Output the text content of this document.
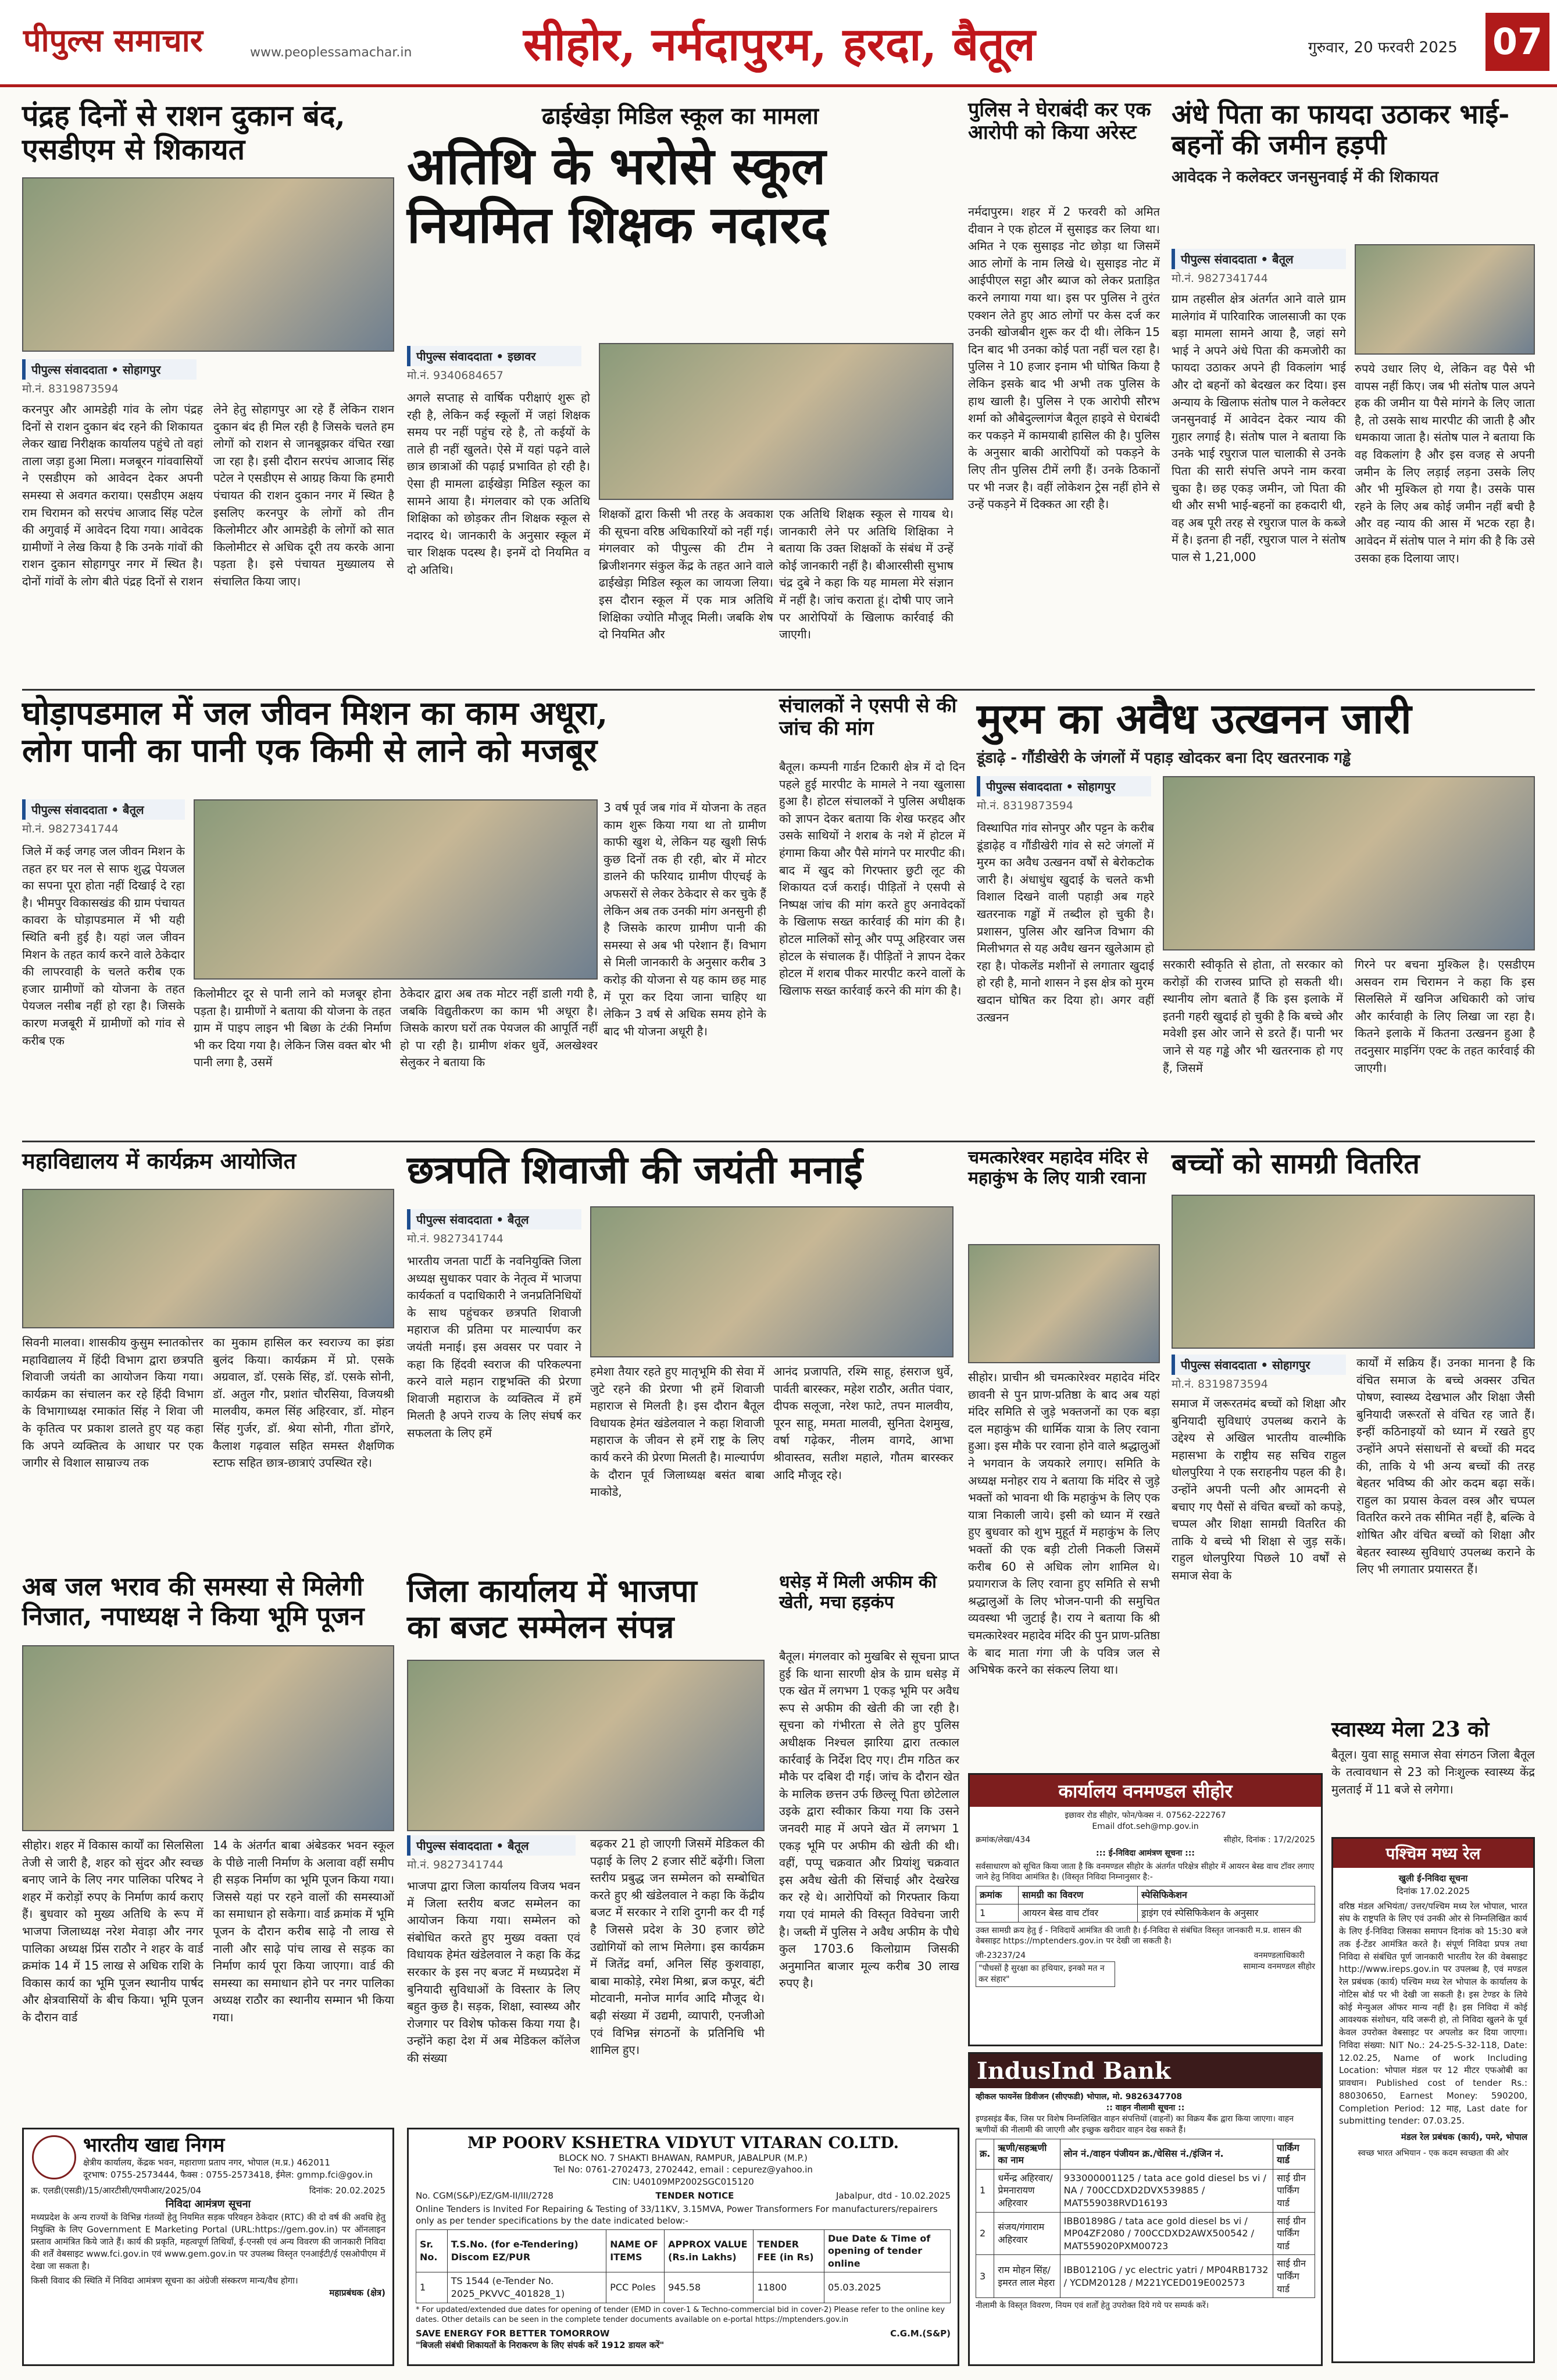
पीपुल्स समाचार	www.peoplessamachar.in सीहोर, नर्मदापुरम, हरदा, बैतूल	गुरुवार, 20 फरवरी 2025 07
पंद्रह दिनों से राशन दुकान बंद, एसडीएम से शिकायत
पीपुल्स संवाददाता • सोहागपुर
मो.नं. 8319873594
करनपुर और आमडेही गांव के लोग पंद्रह दिनों से राशन दुकान बंद रहने की शिकायत लेकर खाद्य निरीक्षक कार्यालय पहुंचे तो वहां ताला जड़ा हुआ मिला। मजबूरन गांववासियों ने एसडीएम को आवेदन देकर अपनी समस्या से अवगत कराया। एसडीएम अक्षय राम चिरामन को सरपंच आजाद सिंह पटेल की अगुवाई में आवेदन दिया गया। आवेदक ग्रामीणों ने लेख किया है कि उनके गांवों की राशन दुकान सोहागपुर नगर में स्थित है। दोनों गांवों के लोग बीते पंद्रह दिनों से राशन लेने हेतु सोहागपुर आ रहे हैं लेकिन राशन दुकान बंद ही मिल रही है जिसके चलते हम लोगों को राशन से जानबूझकर वंचित रखा जा रहा है। इसी दौरान सरपंच आजाद सिंह पटेल ने एसडीएम से आग्रह किया कि हमारी पंचायत की राशन दुकान नगर में स्थित है इसलिए करनपुर के लोगों को तीन किलोमीटर और आमडेही के लोगों को सात किलोमीटर से अधिक दूरी तय करके आना पड़ता है। इसे पंचायत मुख्यालय से संचालित किया जाए।
ढाईखेड़ा मिडिल स्कूल का मामला
अतिथि के भरोसे स्कूल
नियमित शिक्षक नदारद
पीपुल्स संवाददाता • इछावर
मो.नं. 9340684657
अगले सप्ताह से वार्षिक परीक्षाएं शुरू हो रही है, लेकिन कई स्कूलों में जहां शिक्षक समय पर नहीं पहुंच रहे है, तो कईयों के ताले ही नहीं खुलते। ऐसे में यहां पढ़ने वाले छात्र छात्राओं की पढ़ाई प्रभावित हो रही है। ऐसा ही मामला ढाईखेड़ा मिडिल स्कूल का सामने आया है। मंगलवार को एक अतिथि शिक्षिका को छोड़कर तीन शिक्षक स्कूल से नदारद थे। जानकारी के अनुसार स्कूल में चार शिक्षक पदस्थ है। इनमें दो नियमित व दो अतिथि।
शिक्षकों द्वारा किसी भी तरह के अवकाश की सूचना वरिष्ठ अधिकारियों को नहीं गई। मंगलवार को पीपुल्स की टीम ने ब्रिजीशनगर संकुल केंद्र के तहत आने वाले ढाईखेड़ा मिडिल स्कूल का जायजा लिया। इस दौरान स्कूल में एक मात्र अतिथि शिक्षिका ज्योति मौजूद मिली। जबकि शेष दो नियमित और
एक अतिथि शिक्षक स्कूल से गायब थे। जानकारी लेने पर अतिथि शिक्षिका ने बताया कि उक्त शिक्षकों के संबंध में उन्हें कोई जानकारी नहीं है। बीआरसीसी सुभाष चंद्र दुबे ने कहा कि यह मामला मेरे संज्ञान में नहीं है। जांच कराता हूं। दोषी पाए जाने पर आरोपियों के खिलाफ कार्रवाई की जाएगी।
पुलिस ने घेराबंदी कर एक आरोपी को किया अरेस्ट
नर्मदापुरम। शहर में 2 फरवरी को अमित दीवान ने एक होटल में सुसाइड कर लिया था। अमित ने एक सुसाइड नोट छोड़ा था जिसमें आठ लोगों के नाम लिखे थे। सुसाइड नोट में आईपीएल सट्टा और ब्याज को लेकर प्रताड़ित करने लगाया गया था। इस पर पुलिस ने तुरंत एक्शन लेते हुए आठ लोगों पर केस दर्ज कर उनकी खोजबीन शुरू कर दी थी। लेकिन 15 दिन बाद भी उनका कोई पता नहीं चल रहा है। पुलिस ने 10 हजार इनाम भी घोषित किया है लेकिन इसके बाद भी अभी तक पुलिस के हाथ खाली है। पुलिस ने एक आरोपी सौरभ शर्मा को औबेदुल्लागंज बैतूल हाइवे से घेराबंदी कर पकड़ने में कामयाबी हासिल की है। पुलिस के अनुसार बाकी आरोपियों को पकड़ने के लिए तीन पुलिस टीमें लगी हैं। उनके ठिकानों पर भी नजर है। वहीं लोकेशन ट्रेस नहीं होने से उन्हें पकड़ने में दिक्कत आ रही है।
अंधे पिता का फायदा उठाकर भाई-बहनों की जमीन हड़पी
आवेदक ने कलेक्टर जनसुनवाई में की शिकायत
पीपुल्स संवाददाता • बैतूल
मो.नं. 9827341744
ग्राम तहसील क्षेत्र अंतर्गत आने वाले ग्राम मालेगांव में पारिवारिक जालसाजी का एक बड़ा मामला सामने आया है, जहां सगे भाई ने अपने अंधे पिता की कमजोरी का फायदा उठाकर अपने ही विकलांग भाई और दो बहनों को बेदखल कर दिया। इस अन्याय के खिलाफ संतोष पाल ने कलेक्टर जनसुनवाई में आवेदन देकर न्याय की गुहार लगाई है। संतोष पाल ने बताया कि उनके भाई रघुराज पाल चालाकी से उनके पिता की सारी संपत्ति अपने नाम करवा चुका है। छह एकड़ जमीन, जो पिता की थी और सभी भाई-बहनों का हकदारी थी, वह अब पूरी तरह से रघुराज पाल के कब्जे में है। इतना ही नहीं, रघुराज पाल ने संतोष पाल से 1,21,000
रुपये उधार लिए थे, लेकिन वह पैसे भी वापस नहीं किए। जब भी संतोष पाल अपने हक की जमीन या पैसे मांगने के लिए जाता है, तो उसके साथ मारपीट की जाती है और धमकाया जाता है। संतोष पाल ने बताया कि वह विकलांग है और इस वजह से अपनी जमीन के लिए लड़ाई लड़ना उसके लिए और भी मुश्किल हो गया है। उसके पास रहने के लिए अब कोई जमीन नहीं बची है और वह न्याय की आस में भटक रहा है। आवेदन में संतोष पाल ने मांग की है कि उसे उसका हक दिलाया जाए।
घोड़ापडमाल में जल जीवन मिशन का काम अधूरा,
लोग पानी का पानी एक किमी से लाने को मजबूर
पीपुल्स संवाददाता • बैतूल
मो.नं. 9827341744
जिले में कई जगह जल जीवन मिशन के तहत हर घर नल से साफ शुद्ध पेयजल का सपना पूरा होता नहीं दिखाई दे रहा है। भीमपुर विकासखंड की ग्राम पंचायत कावरा के घोड़ापडमाल में भी यही स्थिति बनी हुई है। यहां जल जीवन मिशन के तहत कार्य करने वाले ठेकेदार की लापरवाही के चलते करीब एक हजार ग्रामीणों को योजना के तहत पेयजल नसीब नहीं हो रहा है। जिसके कारण मजबूरी में ग्रामीणों को गांव से करीब एक
किलोमीटर दूर से पानी लाने को मजबूर होना पड़ता है। ग्रामीणों ने बताया की योजना के तहत ग्राम में पाइप लाइन भी बिछा के टंकी निर्माण भी कर दिया गया है। लेकिन जिस वक्त बोर भी पानी लगा है, उसमें
ठेकेदार द्वारा अब तक मोटर नहीं डाली गयी है, जबकि विद्युतीकरण का काम भी अधूरा है। जिसके कारण घरों तक पेयजल की आपूर्ति नहीं हो पा रही है। ग्रामीण शंकर धुर्वे, अलखेश्वर सेलुकर ने बताया कि
3 वर्ष पूर्व जब गांव में योजना के तहत काम शुरू किया गया था तो ग्रामीण काफी खुश थे, लेकिन यह खुशी सिर्फ कुछ दिनों तक ही रही, बोर में मोटर डालने की फरियाद ग्रामीण पीएचई के अफसरों से लेकर ठेकेदार से कर चुके हैं लेकिन अब तक उनकी मांग अनसुनी ही है जिसके कारण ग्रामीण पानी की समस्या से अब भी परेशान हैं। विभाग से मिली जानकारी के अनुसार करीब 3 करोड़ की योजना से यह काम छह माह में पूरा कर दिया जाना चाहिए था लेकिन 3 वर्ष से अधिक समय होने के बाद भी योजना अधूरी है।
संचालकों ने एसपी से की जांच की मांग
बैतूल। कम्पनी गार्डन टिकारी क्षेत्र में दो दिन पहले हुई मारपीट के मामले ने नया खुलासा हुआ है। होटल संचालकों ने पुलिस अधीक्षक को ज्ञापन देकर बताया कि शेख फरहद और उसके साथियों ने शराब के नशे में होटल में हंगामा किया और पैसे मांगने पर मारपीट की। बाद में खुद को गिरफ्तार छुटी लूट की शिकायत दर्ज कराई। पीड़ितों ने एसपी से निष्पक्ष जांच की मांग करते हुए अनावेदकों के खिलाफ सख्त कार्रवाई की मांग की है। होटल मालिकों सोनू और पप्पू अहिरवार जस होटल के संचालक हैं। पीड़ितों ने ज्ञापन देकर होटल में शराब पीकर मारपीट करने वालों के खिलाफ सख्त कार्रवाई करने की मांग की है।
मुरम का अवैध उत्खनन जारी
डूंडाढ़े - गौंडीखेरी के जंगलों में पहाड़ खोदकर बना दिए खतरनाक गड्ढे
पीपुल्स संवाददाता • सोहागपुर
मो.नं. 8319873594
विस्थापित गांव सोनपुर और पट्टन के करीब डूंडाढ़ेह व गौंडीखेरी गांव से सटे जंगलों में मुरम का अवैध उत्खनन वर्षों से बेरोकटोक जारी है। अंधाधुंध खुदाई के चलते कभी विशाल दिखने वाली पहाड़ी अब गहरे खतरनाक गड्ढों में तब्दील हो चुकी है। प्रशासन, पुलिस और खनिज विभाग की मिलीभगत से यह अवैध खनन खुलेआम हो रहा है। पोकलेंड मशीनों से लगातार खुदाई हो रही है, मानो शासन ने इस क्षेत्र को मुरम खदान घोषित कर दिया हो। अगर वहीं उत्खनन
सरकारी स्वीकृति से होता, तो सरकार को करोड़ों की राजस्व प्राप्ति हो सकती थी। स्थानीय लोग बताते हैं कि इस इलाके में इतनी गहरी खुदाई हो चुकी है कि बच्चे और मवेशी इस ओर जाने से डरते हैं। पानी भर जाने से यह गड्ढे और भी खतरनाक हो गए हैं, जिसमें
गिरने पर बचना मुश्किल है। एसडीएम असवन राम चिरामन ने कहा कि इस सिलसिले में खनिज अधिकारी को जांच और कार्रवाही के लिए लिखा जा रहा है। कितने इलाके में कितना उत्खनन हुआ है तदनुसार माइनिंग एक्ट के तहत कार्रवाई की जाएगी।
महाविद्यालय में कार्यक्रम आयोजित
सिवनी मालवा। शासकीय कुसुम स्नातकोत्तर महाविद्यालय में हिंदी विभाग द्वारा छत्रपति शिवाजी जयंती का आयोजन किया गया। कार्यक्रम का संचालन कर रहे हिंदी विभाग के विभागाध्यक्ष रमाकांत सिंह ने शिवा जी के कृतित्व पर प्रकाश डालते हुए यह कहा कि अपने व्यक्तित्व के आधार पर एक जागीर से विशाल साम्राज्य तक
का मुकाम हासिल कर स्वराज्य का झंडा बुलंद किया। कार्यक्रम में प्रो. एसके अग्रवाल, डॉ. एसके सिंह, डॉ. एसके सोनी, डॉ. अतुल गौर, प्रशांत चौरसिया, विजयश्री मालवीय, कमल सिंह अहिरवार, डॉ. मोहन सिंह गुर्जर, डॉ. श्रेया सोनी, गीता डोंगरे, कैलाश गढ़वाल सहित समस्त शैक्षणिक स्टाफ सहित छात्र-छात्राएं उपस्थित रहे।
छत्रपति शिवाजी की जयंती मनाई
पीपुल्स संवाददाता • बैतूल
मो.नं. 9827341744
भारतीय जनता पार्टी के नवनियुक्ति जिला अध्यक्ष सुधाकर पवार के नेतृत्व में भाजपा कार्यकर्ता व पदाधिकारी ने जनप्रतिनिधियों के साथ पहुंचकर छत्रपति शिवाजी महाराज की प्रतिमा पर माल्यार्पण कर जयंती मनाई। इस अवसर पर पवार ने कहा कि हिंदवी स्वराज की परिकल्पना करने वाले महान राष्ट्रभक्ति की प्रेरणा शिवाजी महाराज के व्यक्तित्व में हमें मिलती है अपने राज्य के लिए संघर्ष कर सफलता के लिए हमें
हमेशा तैयार रहते हुए मातृभूमि की सेवा में जुटे रहने की प्रेरणा भी हमें शिवाजी महाराज से मिलती है। इस दौरान बैतूल विधायक हेमंत खंडेलवाल ने कहा शिवाजी महाराज के जीवन से हमें राष्ट्र के लिए कार्य करने की प्रेरणा मिलती है। माल्यार्पण के दौरान पूर्व जिलाध्यक्ष बसंत बाबा माकोडे,
आनंद प्रजापति, रश्मि साहू, हंसराज धुर्वे, पार्वती बारस्कर, महेश राठौर, अतीत पंवार, दीपक सलूजा, नरेश फाटे, तपन मालवीय, पूरन साहू, ममता मालवी, सुनिता देशमुख, वर्षा गढ़ेकर, नीलम वागदे, आभा श्रीवास्तव, सतीश महाले, गौतम बारस्कर आदि मौजूद रहे।
चमत्कारेश्वर महादेव मंदिर से महाकुंभ के लिए यात्री रवाना
सीहोर। प्राचीन श्री चमत्कारेश्वर महादेव मंदिर छावनी से पुन प्राण-प्रतिष्ठा के बाद अब यहां मंदिर समिति से जुड़े भक्तजनों का एक बड़ा दल महाकुंभ की धार्मिक यात्रा के लिए रवाना हुआ। इस मौके पर रवाना होने वाले श्रद्धालुओं ने भगवान के जयकारे लगाए। समिति के अध्यक्ष मनोहर राय ने बताया कि मंदिर से जुड़े भक्तों को भावना थी कि महाकुंभ के लिए एक यात्रा निकाली जाये। इसी को ध्यान में रखते हुए बुधवार को शुभ मुहूर्त में महाकुंभ के लिए भक्तों की एक बड़ी टोली निकली जिसमें करीब 60 से अधिक लोग शामिल थे। प्रयागराज के लिए रवाना हुए समिति से सभी श्रद्धालुओं के लिए भोजन-पानी की समुचित व्यवस्था भी जुटाई है। राय ने बताया कि श्री चमत्कारेश्वर महादेव मंदिर की पुन प्राण-प्रतिष्ठा के बाद माता गंगा जी के पवित्र जल से अभिषेक करने का संकल्प लिया था।
बच्चों को सामग्री वितरित
पीपुल्स संवाददाता • सोहागपुर
मो.नं. 8319873594
समाज में जरूरतमंद बच्चों को शिक्षा और बुनियादी सुविधाएं उपलब्ध कराने के उद्देश्य से अखिल भारतीय वाल्मीकि महासभा के राष्ट्रीय सह सचिव राहुल धोलपुरिया ने एक सराहनीय पहल की है। उन्होंने अपनी पत्नी और आमदनी से बचाए गए पैसों से वंचित बच्चों को कपड़े, चप्पल और शिक्षा सामग्री वितरित की ताकि ये बच्चे भी शिक्षा से जुड़ सकें। राहुल धोलपुरिया पिछले 10 वर्षों से समाज सेवा के
कार्यों में सक्रिय हैं। उनका मानना है कि वंचित समाज के बच्चे अक्सर उचित पोषण, स्वास्थ्य देखभाल और शिक्षा जैसी बुनियादी जरूरतों से वंचित रह जाते हैं। इन्हीं कठिनाइयों को ध्यान में रखते हुए उन्होंने अपने संसाधनों से बच्चों की मदद की, ताकि ये भी अन्य बच्चों की तरह बेहतर भविष्य की ओर कदम बढ़ा सकें। राहुल का प्रयास केवल वस्त्र और चप्पल वितरित करने तक सीमित नहीं है, बल्कि वे शोषित और वंचित बच्चों को शिक्षा और बेहतर स्वास्थ्य सुविधाएं उपलब्ध कराने के लिए भी लगातार प्रयासरत हैं।
अब जल भराव की समस्या से मिलेगी निजात, नपाध्यक्ष ने किया भूमि पूजन
सीहोर। शहर में विकास कार्यों का सिलसिला तेजी से जारी है, शहर को सुंदर और स्वच्छ बनाए जाने के लिए नगर पालिका परिषद ने शहर में करोड़ों रुपए के निर्माण कार्य कराए हैं। बुधवार को मुख्य अतिथि के रूप में भाजपा जिलाध्यक्ष नरेश मेवाड़ा और नगर पालिका अध्यक्ष प्रिंस राठौर ने शहर के वार्ड क्रमांक 14 में 15 लाख से अधिक राशि के विकास कार्य का भूमि पूजन स्थानीय पार्षद और क्षेत्रवासियों के बीच किया। भूमि पूजन के दौरान वार्ड
14 के अंतर्गत बाबा अंबेडकर भवन स्कूल के पीछे नाली निर्माण के अलावा वहीं समीप ही सड़क निर्माण का भूमि पूजन किया गया। जिससे यहां पर रहने वालों की समस्याओं का समाधान हो सकेगा। वार्ड क्रमांक में भूमि पूजन के दौरान करीब साढ़े नौ लाख से नाली और साढ़े पांच लाख से सड़क का निर्माण कार्य पूरा किया जाएगा। वार्ड की समस्या का समाधान होने पर नगर पालिका अध्यक्ष राठौर का स्थानीय सम्मान भी किया गया।
जिला कार्यालय में भाजपा
का बजट सम्मेलन संपन्न
पीपुल्स संवाददाता • बैतूल
मो.नं. 9827341744
भाजपा द्वारा जिला कार्यालय विजय भवन में जिला स्तरीय बजट सम्मेलन का आयोजन किया गया। सम्मेलन को संबोधित करते हुए मुख्य वक्ता एवं विधायक हेमंत खंडेलवाल ने कहा कि केंद्र सरकार के इस नए बजट में मध्यप्रदेश में बुनियादी सुविधाओं के विस्तार के लिए बहुत कुछ है। सड़क, शिक्षा, स्वास्थ्य और रोजगार पर विशेष फोकस किया गया है। उन्होंने कहा देश में अब मेडिकल कॉलेज की संख्या
बढ़कर 21 हो जाएगी जिसमें मेडिकल की पढ़ाई के लिए 2 हजार सीटें बढ़ेंगी। जिला स्तरीय प्रबुद्ध जन सम्मेलन को सम्बोधित करते हुए श्री खंडेलवाल ने कहा कि केंद्रीय बजट में सरकार ने राशि दुगनी कर दी गई है जिससे प्रदेश के 30 हजार छोटे उद्योगियों को लाभ मिलेगा। इस कार्यक्रम में जितेंद्र वर्मा, अनिल सिंह कुशवाहा, बाबा माकोड़े, रमेश मिश्रा, ब्रज कपूर, बंटी मोटवानी, मनोज मार्गव आदि मौजूद थे। बढ़ी संख्या में उद्यमी, व्यापारी, एनजीओ एवं विभिन्न संगठनों के प्रतिनिधि भी शामिल हुए।
धसेड़ में मिली अफीम की खेती, मचा हड़कंप
बैतूल। मंगलवार को मुखबिर से सूचना प्राप्त हुई कि थाना सारणी क्षेत्र के ग्राम धसेड़ में एक खेत में लगभग 1 एकड़ भूमि पर अवैध रूप से अफीम की खेती की जा रही है। सूचना को गंभीरता से लेते हुए पुलिस अधीक्षक निश्चल झारिया द्वारा तत्काल कार्रवाई के निर्देश दिए गए। टीम गठित कर मौके पर दबिश दी गई। जांच के दौरान खेत के मालिक छत्तन उर्फ छिल्लू पिता छोटेलाल उइके द्वारा स्वीकार किया गया कि उसने जनवरी माह में अपने खेत में लगभग 1 एकड़ भूमि पर अफीम की खेती की थी। वहीं, पप्पू चक्रवात और प्रियांशु चक्रवात इस अवैध खेती की सिंचाई और देखरेख कर रहे थे। आरोपियों को गिरफ्तार किया गया एवं मामले की विस्तृत विवेचना जारी है। जब्ती में पुलिस ने अवैध अफीम के पौधे कुल 1703.6 किलोग्राम जिसकी अनुमानित बाजार मूल्य करीब 30 लाख रुपए है।
कार्यालय वनमण्डल सीहोर
इछावर रोड सीहोर, फोन/फेक्स नं. 07562-222767
Email dfot.seh@mp.gov.in
क्रमांक/लेखा/434	सीहोर, दिनांक : 17/2/2025
::: ई-निविदा आमंत्रण सूचना :::
सर्वसाधारण को सूचित किया जाता है कि वनमण्डल सीहोर के अंतर्गत परिक्षेत्र सीहोर में आयरन बेस्ड वाच टॉवर लगाए जाने हेतु निविदा आमंत्रित है। (विस्तृत निविदा निम्नानुसार है:-
क्रमांक	सामग्री का विवरण	स्पेसिफिकेशन
1	आयरन बेस्ड वाच टॉवर	ड्राइंग एवं स्पेसिफिकेशन के अनुसार
उक्त सामग्री क्रय हेतु ई - निविदायें आमंत्रित की जाती है। ई-निविदा से संबंधित विस्तृत जानकारी म.प्र. शासन की वेबसाइट https://mptenders.gov.in पर देखी जा सकती है।
जी-23237/24
"पौधसों है सुरक्षा का हथियार, इनको मत न कर संहार"
वनमण्डलाधिकारी
सामान्य वनमण्डल सीहोर
स्वास्थ्य मेला 23 को
बैतूल। युवा साहू समाज सेवा संगठन जिला बैतूल के तत्वावधान से 23 को निःशुल्क स्वास्थ्य केंद्र मुलताई में 11 बजे से लगेगा।
पश्चिम मध्य रेल
खुली ई-निविदा सूचना
दिनांक 17.02.2025
वरिष्ठ मंडल अभियंता/ उत्तर/पश्चिम मध्य रेल भोपाल, भारत संघ के राष्ट्रपति के लिए एवं उनकी ओर से निम्नलिखित कार्य के लिए ई-निविदा जिसका समापन दिनांक को 15:30 बजे तक ई-टेंडर आमंत्रित करते है। संपूर्ण निविदा प्रपत्र तथा निविदा से संबंधित पूर्ण जानकारी भारतीय रेल की वेबसाइट http://www.ireps.gov.in पर उपलब्ध है, एवं मण्डल रेल प्रबंधक (कार्य) पश्चिम मध्य रेल भोपाल के कार्यालय के नोटिस बोर्ड पर भी देखी जा सकती है। इस टेण्डर के लिये कोई मेन्युअल ऑफर मान्य नहीं है। इस निविदा में कोई आवश्यक संशोधन, यदि जरूरी हो, तो निविदा खुलने के पूर्व केवल उपरोक्त वेबसाइट पर अपलोड कर दिया जाएगा। निविदा संख्या: NIT No.: 24-25-S-32-118, Date: 12.02.25, Name of work Including Location: भोपाल मंडल पर 12 मीटर एफओबी का प्रावधान। Published cost of tender Rs.: 88030650, Earnest Money: 590200, Completion Period: 12 माह, Last date for submitting tender: 07.03.25.
मंडल रेल प्रबंधक (कार्य), पमरे, भोपाल
स्वच्छ भारत अभियान - एक कदम स्वच्छता की ओर
भारतीय खाद्य निगम
क्षेत्रीय कार्यालय, केंद्रक भवन, महाराणा प्रताप नगर, भोपाल (म.प्र.) 462011
दूरभाष: 0755-2573444, फैक्स : 0755-2573418, ईमेल: gmmp.fci@gov.in
क्र. एलडी(एसडी)/15/आरटीसी/एमपीआर/2025/04	दिनांक: 20.02.2025
निविदा आमंत्रण सूचना
मध्यप्रदेश के अन्य राज्यों के विभिन्न गंतव्यों हेतु नियमित सड़क परिवहन ठेकेदार (RTC) की दो वर्ष की अवधि हेतु नियुक्ति के लिए Government E Marketing Portal (URL:https://gem.gov.in) पर ऑनलाइन प्रस्ताव आमंत्रित किये जाते हैं। कार्य की प्रकृति, महत्वपूर्ण तिथियाँ, ई-एनसी एवं अन्य विवरण की जानकारी निविदा की शर्तें वेबसाइट www.fci.gov.in एवं www.gem.gov.in पर उपलब्ध विस्तृत एनआईटी/ई एसओपीएम में देखा जा सकता है।
किसी विवाद की स्थिति में निविदा आमंत्रण सूचना का अंग्रेजी संस्करण मान्य/वैध होगा।
महाप्रबंधक (क्षेत्र)
MP POORV KSHETRA VIDYUT VITARAN CO.LTD.
BLOCK NO. 7 SHAKTI BHAWAN, RAMPUR, JABALPUR (M.P.)
Tel No: 0761-2702473, 2702442, email : cepurez@yahoo.in
CIN: U40109MP2002SGC015120
No. CGM(S&P)/EZ/GM-II/III/2728	TENDER NOTICE	Jabalpur, dtd - 10.02.2025
Online Tenders is Invited For Repairing & Testing of 33/11KV, 3.15MVA, Power Transformers For manufacturers/repairers only as per tender specifications by the date indicated below:-
Sr. No.	T.S.No. (for e-Tendering) Discom EZ/PUR	NAME OF ITEMS	APPROX VALUE (Rs.in Lakhs)	TENDER FEE (in Rs)	Due Date & Time of opening of tender online
1	TS 1544 (e-Tender No. 2025_PKVVC_401828_1)	PCC Poles	945.58	11800	05.03.2025
* For updated/extended due dates for opening of tender (EMD in cover-1 & Techno-commercial bid in cover-2) Please refer to the online key dates. Other details can be seen in the complete tender documents available on e-portal https://mptenders.gov.in
SAVE ENERGY FOR BETTER TOMORROW	C.G.M.(S&P)
"बिजली संबंधी शिकायतों के निराकरण के लिए संपर्क करें 1912 डायल करें"
IndusInd Bank
व्हीकल फायनेंस डिवीजन (सीएफडी) भोपाल, मो. 9826347708
:: वाहन नीलामी सूचना ::
इण्डसइंड बैंक, जिस पर विशेष निम्नलिखित वाहन संपत्तियों (वाहनों) का विक्रय बैंक द्वारा किया जाएगा। वाहन ऋणीयों की नीलामी की जाएगी और इच्छुक खरीदार वाहन देख सकते हैं।
क्र.	ऋणी/सहऋणी का नाम	लोन नं./वाहन पंजीयन क्र./चेसिस नं./इंजिन नं.	पार्किंग यार्ड
1	धर्मेन्द्र अहिरवार/प्रेमनारायण अहिरवार	933000001125 / tata ace gold diesel bs vi / NA / 700CCDXD2DVX539885 / MAT559038RVD16193	साई ग्रीन पार्किंग यार्ड
2	संजय/गंगाराम अहिरवार	IBB01898G / tata ace gold diesel bs vi / MP04ZF2080 / 700CCDXD2AWX500542 / MAT559020PXM00723	साई ग्रीन पार्किंग यार्ड
3	राम मोहन सिंह/इमरत लाल मेहरा	IBB01210G / yc electric yatri / MP04RB1732 / YCDM20128 / M221YCED019E002573	साई ग्रीन पार्किंग यार्ड
नीलामी के विस्तृत विवरण, नियम एवं शर्तों हेतु उपरोक्त दिये गये पर सम्पर्क करें।
